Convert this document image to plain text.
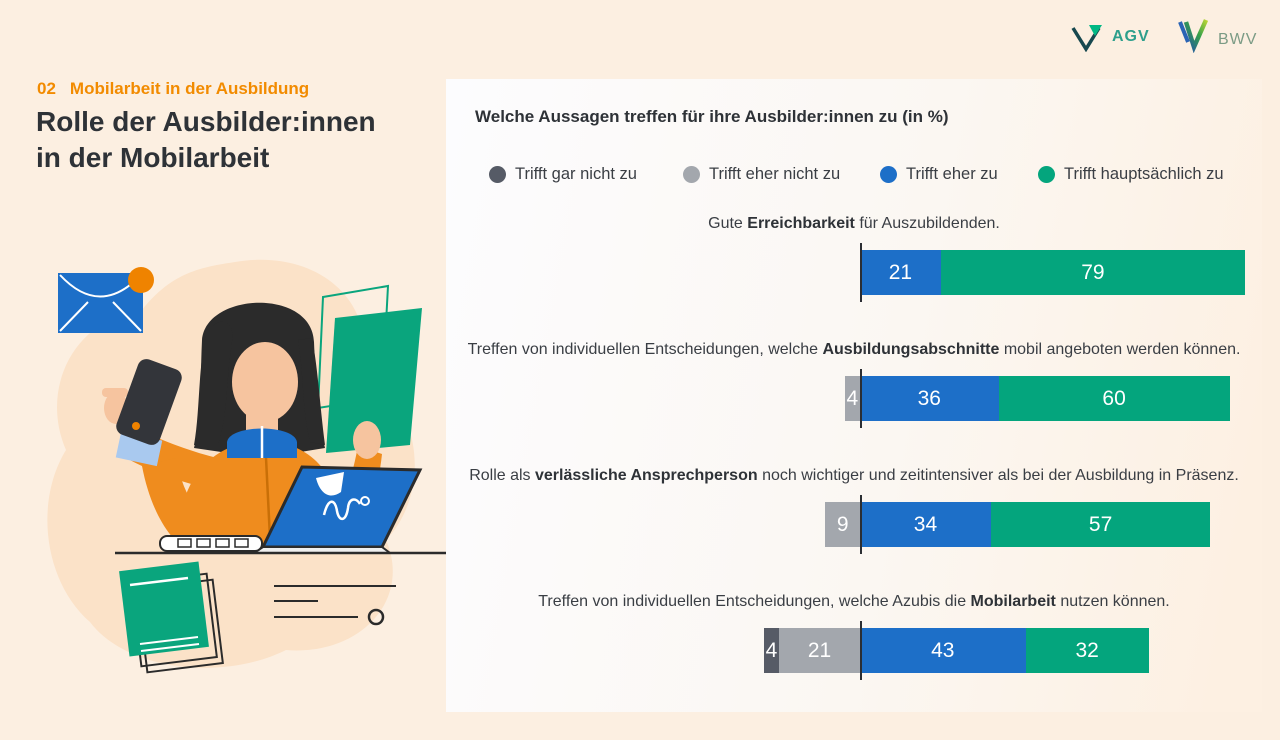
AGV	BWV
02 Mobilarbeit in der Ausbildung
Rolle der Ausbilder:innen
in der Mobilarbeit
Welche Aussagen treffen für ihre Ausbilder:innen zu (in %)
Trifft gar nicht zu	Trifft eher nicht zu	Trifft eher zu	Trifft hauptsächlich zu
Gute Erreichbarkeit für Auszubildenden.
21	79
Treffen von individuellen Entscheidungen, welche Ausbildungsabschnitte mobil angeboten werden können.
4	36	60
Rolle als verlässliche Ansprechperson noch wichtiger und zeitintensiver als bei der Ausbildung in Präsenz.
9	34	57
Treffen von individuellen Entscheidungen, welche Azubis die Mobilarbeit nutzen können.
4	21	43	32
